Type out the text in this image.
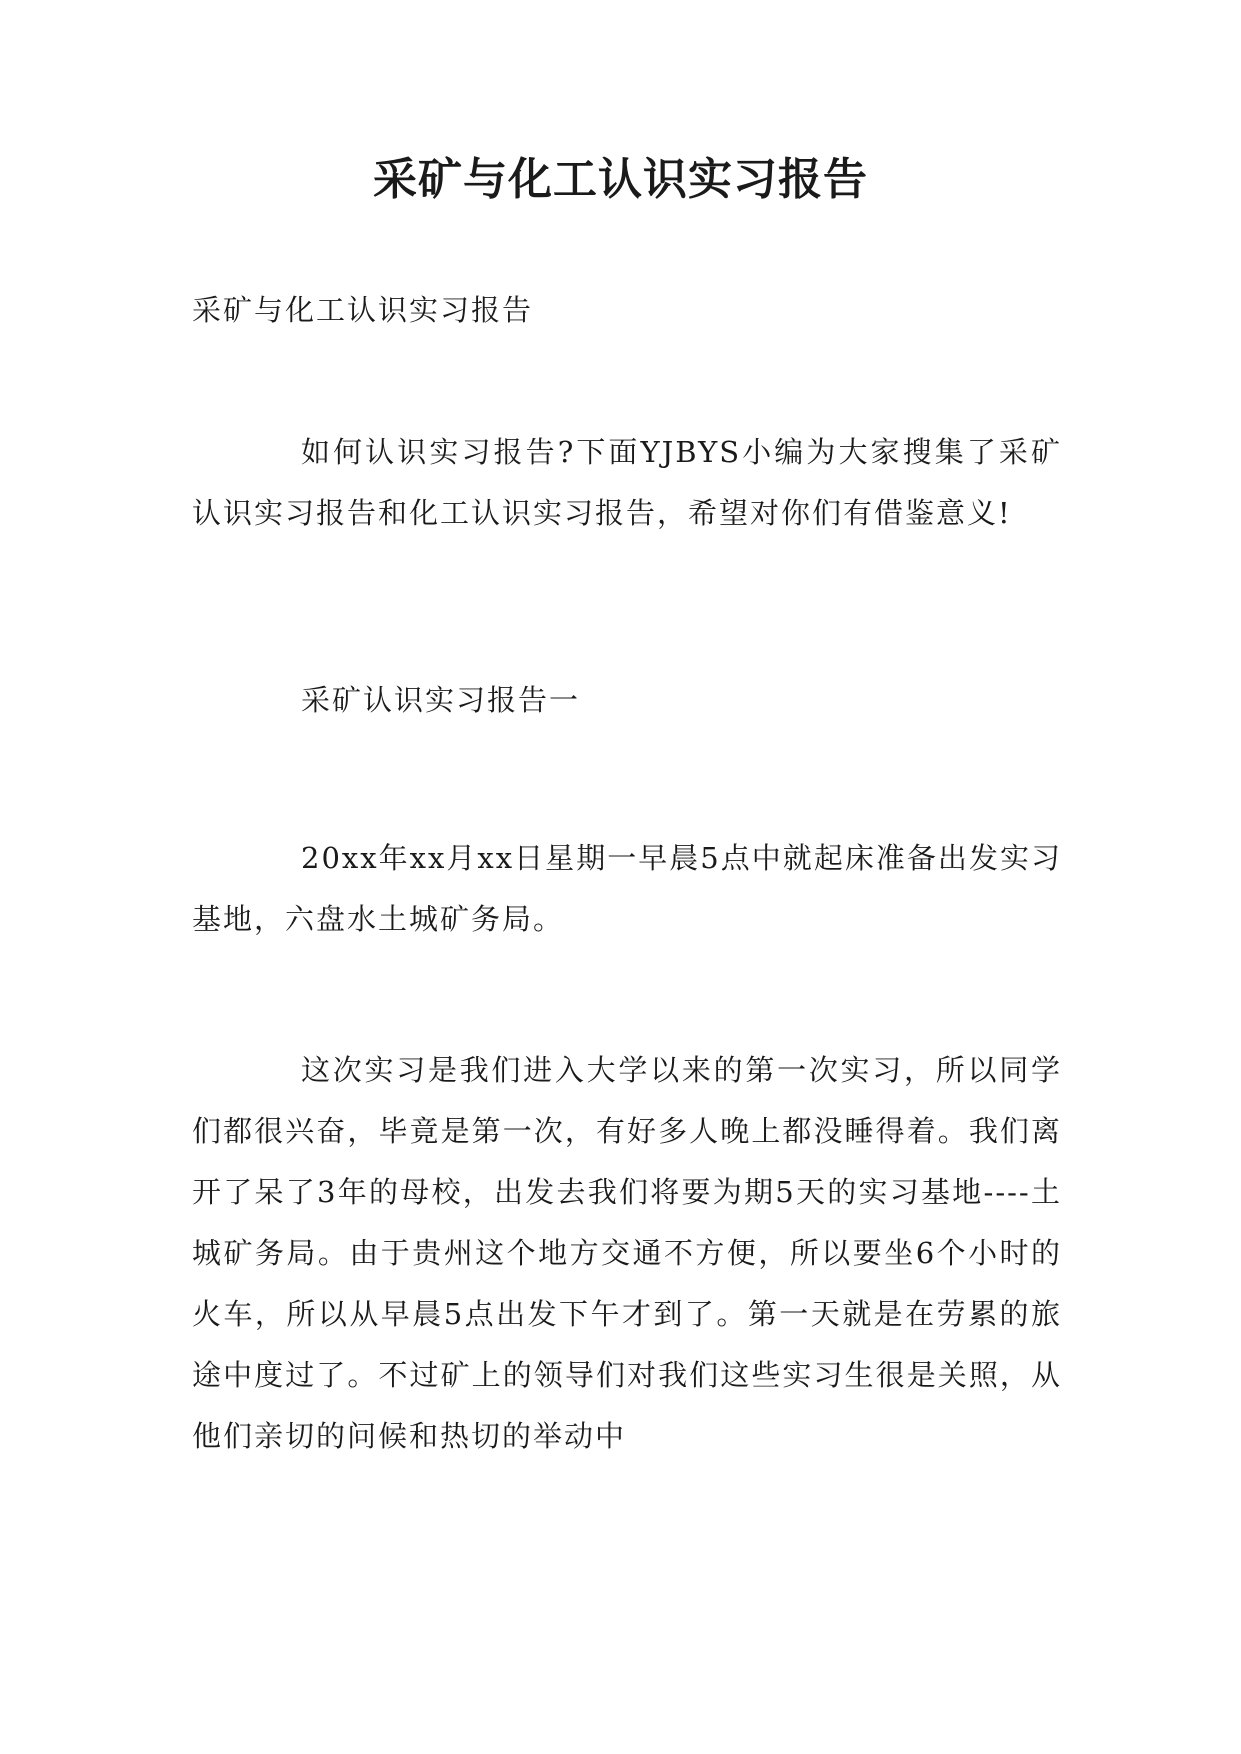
采矿与化工认识实习报告
采矿与化工认识实习报告

如何认识实习报告?下面YJBYS小编为大家搜集了采矿认识实习报告和化工认识实习报告，希望对你们有借鉴意义!

采矿认识实习报告一

20xx年xx月xx日星期一早晨5点中就起床准备出发实习基地，六盘水土城矿务局。

这次实习是我们进入大学以来的第一次实习，所以同学们都很兴奋，毕竟是第一次，有好多人晚上都没睡得着。我们离开了呆了3年的母校，出发去我们将要为期5天的实习基地----土城矿务局。由于贵州这个地方交通不方便，所以要坐6个小时的火车，所以从早晨5点出发下午才到了。第一天就是在劳累的旅途中度过了。不过矿上的领导们对我们这些实习生很是关照，从他们亲切的问候和热切的举动中
